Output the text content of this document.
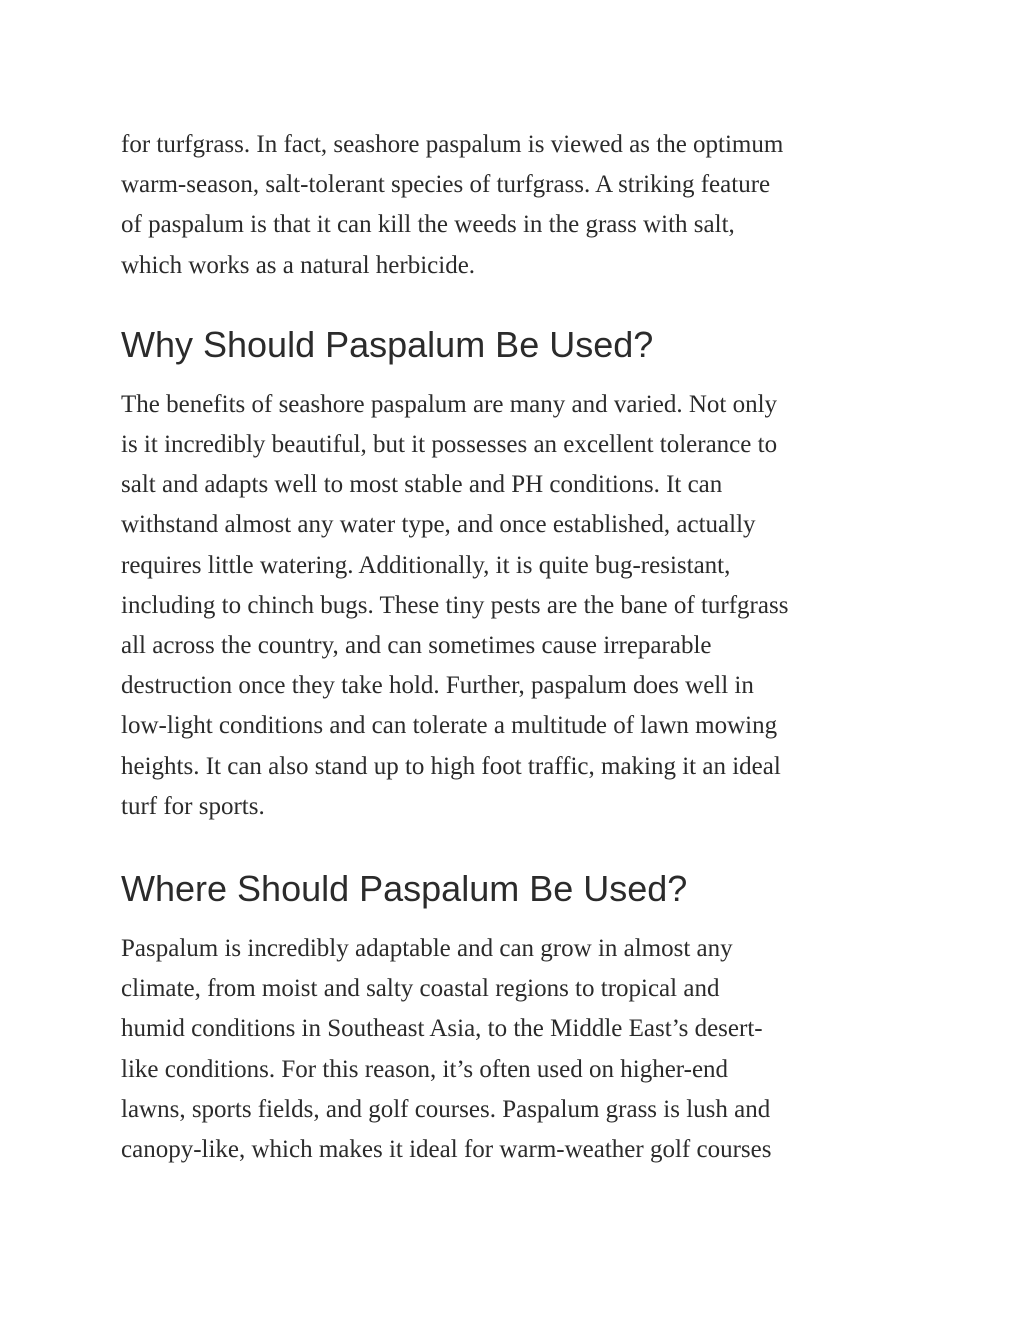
for turfgrass. In fact, seashore paspalum is viewed as the optimum
warm-season, salt-tolerant species of turfgrass. A striking feature
of paspalum is that it can kill the weeds in the grass with salt,
which works as a natural herbicide.

Why Should Paspalum Be Used?

The benefits of seashore paspalum are many and varied. Not only
is it incredibly beautiful, but it possesses an excellent tolerance to
salt and adapts well to most stable and PH conditions. It can
withstand almost any water type, and once established, actually
requires little watering. Additionally, it is quite bug-resistant,
including to chinch bugs. These tiny pests are the bane of turfgrass
all across the country, and can sometimes cause irreparable
destruction once they take hold. Further, paspalum does well in
low-light conditions and can tolerate a multitude of lawn mowing
heights. It can also stand up to high foot traffic, making it an ideal
turf for sports.

Where Should Paspalum Be Used?

Paspalum is incredibly adaptable and can grow in almost any
climate, from moist and salty coastal regions to tropical and
humid conditions in Southeast Asia, to the Middle East’s desert-
like conditions. For this reason, it’s often used on higher-end
lawns, sports fields, and golf courses. Paspalum grass is lush and
canopy-like, which makes it ideal for warm-weather golf courses
